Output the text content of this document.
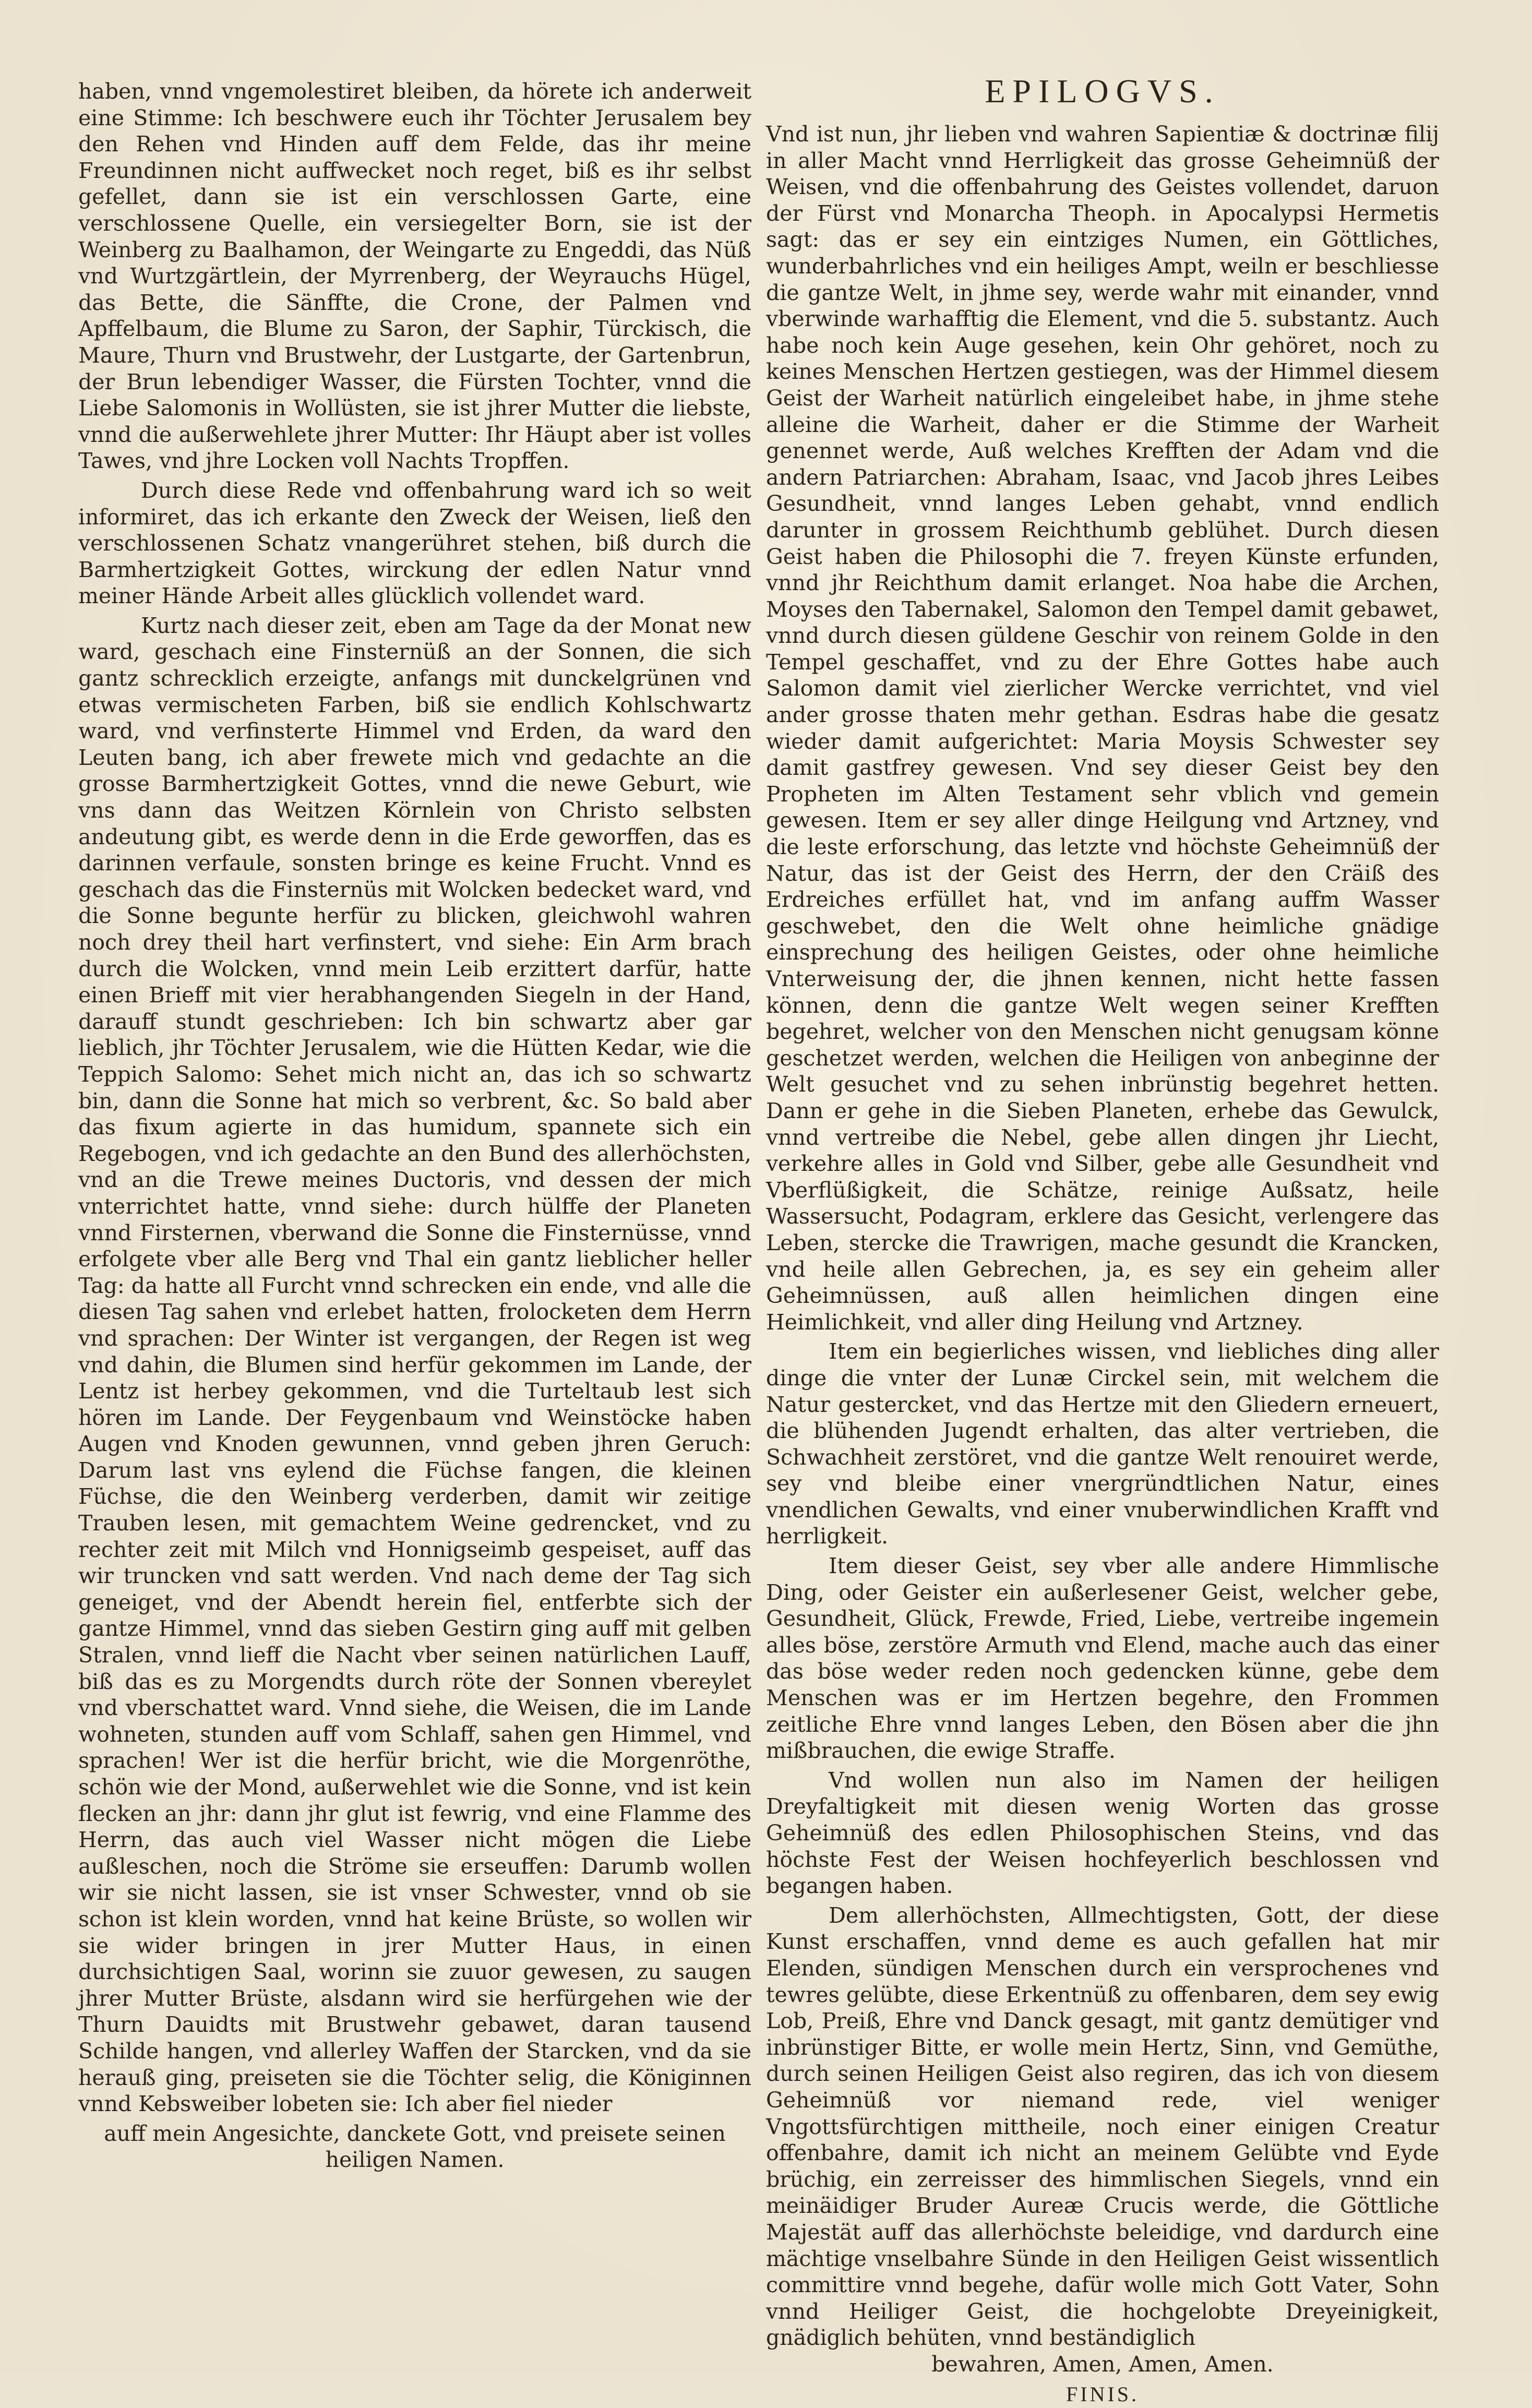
haben, vnnd vngemolestiret bleiben, da hörete ich anderweit eine Stimme: Ich beschwere euch ihr Töchter Jerusalem bey den Rehen vnd Hinden auff dem Felde, das ihr meine Freundinnen nicht auffwecket noch reget, biß es ihr selbst gefellet, dann sie ist ein verschlossen Garte, eine verschlossene Quelle, ein versiegelter Born, sie ist der Weinberg zu Baalhamon, der Weingarte zu Engeddi, das Nüß vnd Wurtzgärtlein, der Myrrenberg, der Weyrauchs Hügel, das Bette, die Sänffte, die Crone, der Palmen vnd Apffelbaum, die Blume zu Saron, der Saphir, Türckisch, die Maure, Thurn vnd Brustwehr, der Lustgarte, der Gartenbrun, der Brun lebendiger Wasser, die Fürsten Tochter, vnnd die Liebe Salomonis in Wollüsten, sie ist jhrer Mutter die liebste, vnnd die außerwehlete jhrer Mutter: Ihr Häupt aber ist volles Tawes, vnd jhre Locken voll Nachts Tropffen.

Durch diese Rede vnd offenbahrung ward ich so weit informiret, das ich erkante den Zweck der Weisen, ließ den verschlossenen Schatz vnangerühret stehen, biß durch die Barmhertzigkeit Gottes, wirckung der edlen Natur vnnd meiner Hände Arbeit alles glücklich vollendet ward.

Kurtz nach dieser zeit, eben am Tage da der Monat new ward, geschach eine Finsternüß an der Sonnen, die sich gantz schrecklich erzeigte, anfangs mit dunckelgrünen vnd etwas vermischeten Farben, biß sie endlich Kohlschwartz ward, vnd verfinsterte Himmel vnd Erden, da ward den Leuten bang, ich aber frewete mich vnd gedachte an die grosse Barmhertzigkeit Gottes, vnnd die newe Geburt, wie vns dann das Weitzen Körnlein von Christo selbsten andeutung gibt, es werde denn in die Erde geworffen, das es darinnen verfaule, sonsten bringe es keine Frucht. Vnnd es geschach das die Finsternüs mit Wolcken bedecket ward, vnd die Sonne begunte herfür zu blicken, gleichwohl wahren noch drey theil hart verfinstert, vnd siehe: Ein Arm brach durch die Wolcken, vnnd mein Leib erzittert darfür, hatte einen Brieff mit vier herabhangenden Siegeln in der Hand, darauff stundt geschrieben: Ich bin schwartz aber gar lieblich, jhr Töchter Jerusalem, wie die Hütten Kedar, wie die Teppich Salomo: Sehet mich nicht an, das ich so schwartz bin, dann die Sonne hat mich so verbrent, &c. So bald aber das fixum agierte in das humidum, spannete sich ein Regebogen, vnd ich gedachte an den Bund des allerhöchsten, vnd an die Trewe meines Ductoris, vnd dessen der mich vnterrichtet hatte, vnnd siehe: durch hülffe der Planeten vnnd Firsternen, vberwand die Sonne die Finsternüsse, vnnd erfolgete vber alle Berg vnd Thal ein gantz lieblicher heller Tag: da hatte all Furcht vnnd schrecken ein ende, vnd alle die diesen Tag sahen vnd erlebet hatten, frolocketen dem Herrn vnd sprachen: Der Winter ist vergangen, der Regen ist weg vnd dahin, die Blumen sind herfür gekommen im Lande, der Lentz ist herbey gekommen, vnd die Turteltaub lest sich hören im Lande. Der Feygenbaum vnd Weinstöcke haben Augen vnd Knoden gewunnen, vnnd geben jhren Geruch: Darum last vns eylend die Füchse fangen, die kleinen Füchse, die den Weinberg verderben, damit wir zeitige Trauben lesen, mit gemachtem Weine gedrencket, vnd zu rechter zeit mit Milch vnd Honnigseimb gespeiset, auff das wir truncken vnd satt werden. Vnd nach deme der Tag sich geneiget, vnd der Abendt herein fiel, entferbte sich der gantze Himmel, vnnd das sieben Gestirn ging auff mit gelben Stralen, vnnd lieff die Nacht vber seinen natürlichen Lauff, biß das es zu Morgendts durch röte der Sonnen vbereylet vnd vberschattet ward. Vnnd siehe, die Weisen, die im Lande wohneten, stunden auff vom Schlaff, sahen gen Himmel, vnd sprachen! Wer ist die herfür bricht, wie die Morgenröthe, schön wie der Mond, außerwehlet wie die Sonne, vnd ist kein flecken an jhr: dann jhr glut ist fewrig, vnd eine Flamme des Herrn, das auch viel Wasser nicht mögen die Liebe außleschen, noch die Ströme sie erseuffen: Darumb wollen wir sie nicht lassen, sie ist vnser Schwester, vnnd ob sie schon ist klein worden, vnnd hat keine Brüste, so wollen wir sie wider bringen in jrer Mutter Haus, in einen durchsichtigen Saal, worinn sie zuuor gewesen, zu saugen jhrer Mutter Brüste, alsdann wird sie herfürgehen wie der Thurn Dauidts mit Brustwehr gebawet, daran tausend Schilde hangen, vnd allerley Waffen der Starcken, vnd da sie herauß ging, preiseten sie die Töchter selig, die Königinnen vnnd Kebsweiber lobeten sie: Ich aber fiel nieder

auff mein Angesichte, danckete Gott, vnd preisete seinen

heiligen Namen.

EPILOGVS.

Vnd ist nun, jhr lieben vnd wahren Sapientiæ & doctrinæ filij in aller Macht vnnd Herrligkeit das grosse Geheimnüß der Weisen, vnd die offenbahrung des Geistes vollendet, daruon der Fürst vnd Monarcha Theoph. in Apocalypsi Hermetis sagt: das er sey ein eintziges Numen, ein Göttliches, wunderbahrliches vnd ein heiliges Ampt, weiln er beschliesse die gantze Welt, in jhme sey, werde wahr mit einander, vnnd vberwinde warhafftig die Element, vnd die 5. substantz. Auch habe noch kein Auge gesehen, kein Ohr gehöret, noch zu keines Menschen Hertzen gestiegen, was der Himmel diesem Geist der Warheit natürlich eingeleibet habe, in jhme stehe alleine die Warheit, daher er die Stimme der Warheit genennet werde, Auß welches Krefften der Adam vnd die andern Patriarchen: Abraham, Isaac, vnd Jacob jhres Leibes Gesundheit, vnnd langes Leben gehabt, vnnd endlich darunter in grossem Reichthumb geblühet. Durch diesen Geist haben die Philosophi die 7. freyen Künste erfunden, vnnd jhr Reichthum damit erlanget. Noa habe die Archen, Moyses den Tabernakel, Salomon den Tempel damit gebawet, vnnd durch diesen güldene Geschir von reinem Golde in den Tempel geschaffet, vnd zu der Ehre Gottes habe auch Salomon damit viel zierlicher Wercke verrichtet, vnd viel ander grosse thaten mehr gethan. Esdras habe die gesatz wieder damit aufgerichtet: Maria Moysis Schwester sey damit gastfrey gewesen. Vnd sey dieser Geist bey den Propheten im Alten Testament sehr vblich vnd gemein gewesen. Item er sey aller dinge Heilgung vnd Artzney, vnd die leste erforschung, das letzte vnd höchste Geheimnüß der Natur, das ist der Geist des Herrn, der den Cräiß des Erdreiches erfüllet hat, vnd im anfang auffm Wasser geschwebet, den die Welt ohne heimliche gnädige einsprechung des heiligen Geistes, oder ohne heimliche Vnterweisung der, die jhnen kennen, nicht hette fassen können, denn die gantze Welt wegen seiner Krefften begehret, welcher von den Menschen nicht genugsam könne geschetzet werden, welchen die Heiligen von anbeginne der Welt gesuchet vnd zu sehen inbrünstig begehret hetten. Dann er gehe in die Sieben Planeten, erhebe das Gewulck, vnnd vertreibe die Nebel, gebe allen dingen jhr Liecht, verkehre alles in Gold vnd Silber, gebe alle Gesundheit vnd Vberflüßigkeit, die Schätze, reinige Außsatz, heile Wassersucht, Podagram, erklere das Gesicht, verlengere das Leben, stercke die Trawrigen, mache gesundt die Krancken, vnd heile allen Gebrechen, ja, es sey ein geheim aller Geheimnüssen, auß allen heimlichen dingen eine Heimlichkeit, vnd aller ding Heilung vnd Artzney.

Item ein begierliches wissen, vnd liebliches ding aller dinge die vnter der Lunæ Circkel sein, mit welchem die Natur gestercket, vnd das Hertze mit den Gliedern erneuert, die blühenden Jugendt erhalten, das alter vertrieben, die Schwachheit zerstöret, vnd die gantze Welt renouiret werde, sey vnd bleibe einer vnergründtlichen Natur, eines vnendlichen Gewalts, vnd einer vnuberwindlichen Krafft vnd herrligkeit.

Item dieser Geist, sey vber alle andere Himmlische Ding, oder Geister ein außerlesener Geist, welcher gebe, Gesundheit, Glück, Frewde, Fried, Liebe, vertreibe ingemein alles böse, zerstöre Armuth vnd Elend, mache auch das einer das böse weder reden noch gedencken künne, gebe dem Menschen was er im Hertzen begehre, den Frommen zeitliche Ehre vnnd langes Leben, den Bösen aber die jhn mißbrauchen, die ewige Straffe.

Vnd wollen nun also im Namen der heiligen Dreyfaltigkeit mit diesen wenig Worten das grosse Geheimnüß des edlen Philosophischen Steins, vnd das höchste Fest der Weisen hochfeyerlich beschlossen vnd begangen haben.

Dem allerhöchsten, Allmechtigsten, Gott, der diese Kunst erschaffen, vnnd deme es auch gefallen hat mir Elenden, sündigen Menschen durch ein versprochenes vnd tewres gelübte, diese Erkentnüß zu offenbaren, dem sey ewig Lob, Preiß, Ehre vnd Danck gesagt, mit gantz demütiger vnd inbrünstiger Bitte, er wolle mein Hertz, Sinn, vnd Gemüthe, durch seinen Heiligen Geist also regiren, das ich von diesem Geheimnüß vor niemand rede, viel weniger Vngottsfürchtigen mittheile, noch einer einigen Creatur offenbahre, damit ich nicht an meinem Gelübte vnd Eyde brüchig, ein zerreisser des himmlischen Siegels, vnnd ein meinäidiger Bruder Aureæ Crucis werde, die Göttliche Majestät auff das allerhöchste beleidige, vnd dardurch eine mächtige vnselbahre Sünde in den Heiligen Geist wissentlich committire vnnd begehe, dafür wolle mich Gott Vater, Sohn vnnd Heiliger Geist, die hochgelobte Dreyeinigkeit, gnädiglich behüten, vnnd beständiglich

bewahren, Amen, Amen, Amen.

FINIS.
